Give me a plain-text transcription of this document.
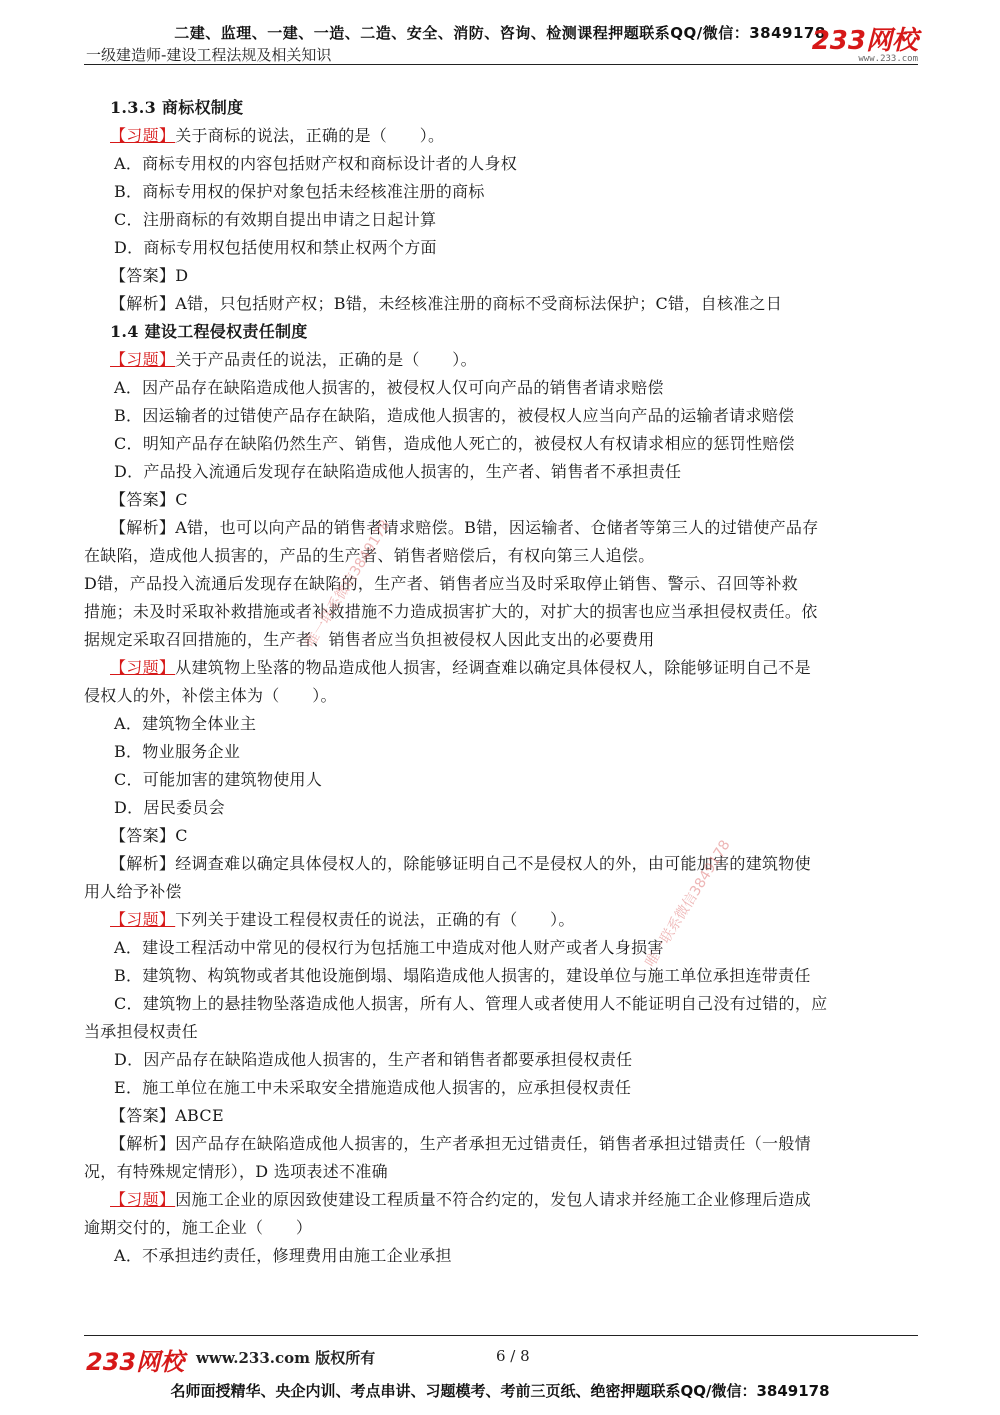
二建、监理、一建、一造、二造、安全、消防、咨询、检测课程押题联系QQ/微信：3849178
一级建造师-建设工程法规及相关知识	233网校
www.233.com
1.3.3 商标权制度
【习题】关于商标的说法，正确的是（　　）。
A．商标专用权的内容包括财产权和商标设计者的人身权
B．商标专用权的保护对象包括未经核准注册的商标
C．注册商标的有效期自提出申请之日起计算
D．商标专用权包括使用权和禁止权两个方面
【答案】D
【解析】A错，只包括财产权；B错，未经核准注册的商标不受商标法保护；C错，自核准之日
1.4 建设工程侵权责任制度
【习题】关于产品责任的说法，正确的是（　　）。
A．因产品存在缺陷造成他人损害的，被侵权人仅可向产品的销售者请求赔偿
B．因运输者的过错使产品存在缺陷，造成他人损害的，被侵权人应当向产品的运输者请求赔偿
C．明知产品存在缺陷仍然生产、销售，造成他人死亡的，被侵权人有权请求相应的惩罚性赔偿
D．产品投入流通后发现存在缺陷造成他人损害的，生产者、销售者不承担责任
【答案】C
【解析】A错，也可以向产品的销售者请求赔偿。B错，因运输者、仓储者等第三人的过错使产品存
在缺陷，造成他人损害的，产品的生产者、销售者赔偿后，有权向第三人追偿。
D错，产品投入流通后发现存在缺陷的，生产者、销售者应当及时采取停止销售、警示、召回等补救
措施；未及时采取补救措施或者补救措施不力造成损害扩大的，对扩大的损害也应当承担侵权责任。依
据规定采取召回措施的，生产者、销售者应当负担被侵权人因此支出的必要费用
【习题】从建筑物上坠落的物品造成他人损害，经调查难以确定具体侵权人，除能够证明自己不是
侵权人的外，补偿主体为（　　）。
A．建筑物全体业主
B．物业服务企业
C．可能加害的建筑物使用人
D．居民委员会
【答案】C
【解析】经调查难以确定具体侵权人的，除能够证明自己不是侵权人的外，由可能加害的建筑物使
用人给予补偿
【习题】下列关于建设工程侵权责任的说法，正确的有（　　）。
A．建设工程活动中常见的侵权行为包括施工中造成对他人财产或者人身损害
B．建筑物、构筑物或者其他设施倒塌、塌陷造成他人损害的，建设单位与施工单位承担连带责任
C．建筑物上的悬挂物坠落造成他人损害，所有人、管理人或者使用人不能证明自己没有过错的，应
当承担侵权责任
D．因产品存在缺陷造成他人损害的，生产者和销售者都要承担侵权责任
E．施工单位在施工中未采取安全措施造成他人损害的，应承担侵权责任
【答案】ABCE
【解析】因产品存在缺陷造成他人损害的，生产者承担无过错责任，销售者承担过错责任（一般情
况，有特殊规定情形），D 选项表述不准确
【习题】因施工企业的原因致使建设工程质量不符合约定的，发包人请求并经施工企业修理后造成
逾期交付的，施工企业（　　）
A．不承担违约责任，修理费用由施工企业承担
唯一联系微信3849178
唯一联系微信3849178
233网校 www.233.com 版权所有	6 / 8
名师面授精华、央企内训、考点串讲、习题模考、考前三页纸、绝密押题联系QQ/微信：3849178
